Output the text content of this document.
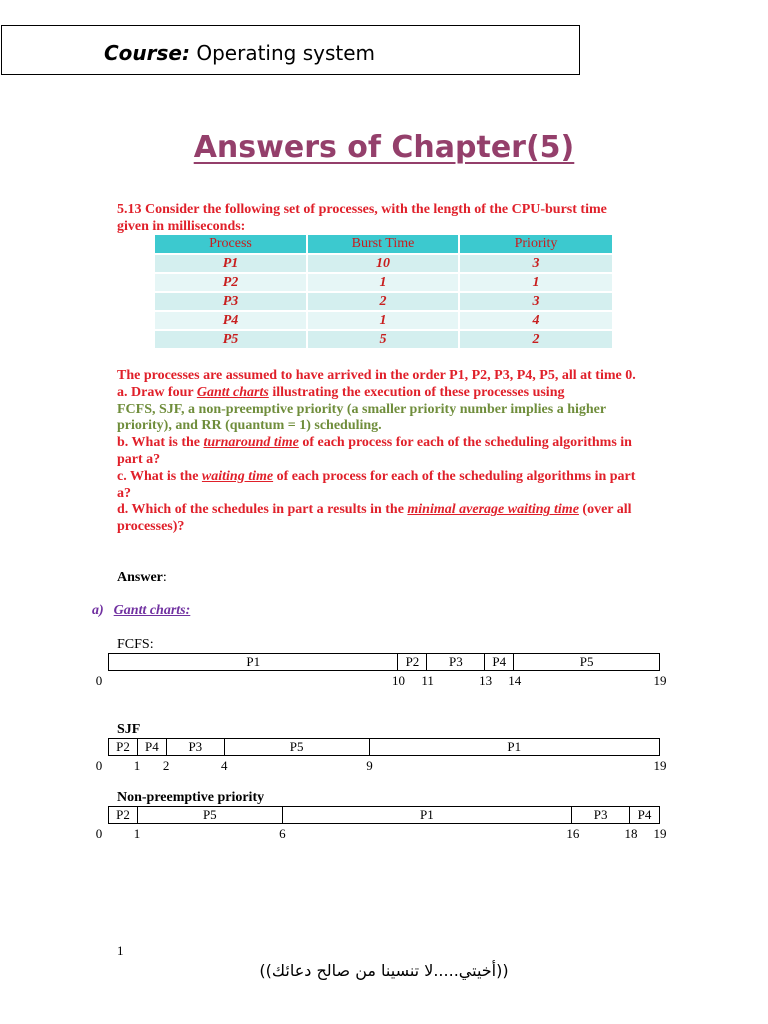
Course: Operating system
Answers of Chapter(5)
5.13 Consider the following set of processes, with the length of the CPU-burst time given in milliseconds:
Process	Burst Time	Priority
P1	10	3
P2	1	1
P3	2	3
P4	1	4
P5	5	2
The processes are assumed to have arrived in the order P1, P2, P3, P4, P5, all at time 0.
a. Draw four Gantt charts illustrating the execution of these processes using
FCFS, SJF, a non-preemptive priority (a smaller priority number implies a higher priority), and RR (quantum = 1) scheduling.
b. What is the turnaround time of each process for each of the scheduling algorithms in part a?
c. What is the waiting time of each process for each of the scheduling algorithms in part a?
d. Which of the schedules in part a results in the minimal average waiting time (over all processes)?
Answer:
a) Gantt charts:
FCFS:
P1	P2	P3	P4	P5
0	10 11	13 14	19
SJF
P2	P4	P3	P5	P1
0 1 2	4	9	19
Non-preemptive priority
P2	P5	P1	P3	P4
0 1	6	16	18 19
1
((أخيتي.....لا تنسينا من صالح دعائك))
